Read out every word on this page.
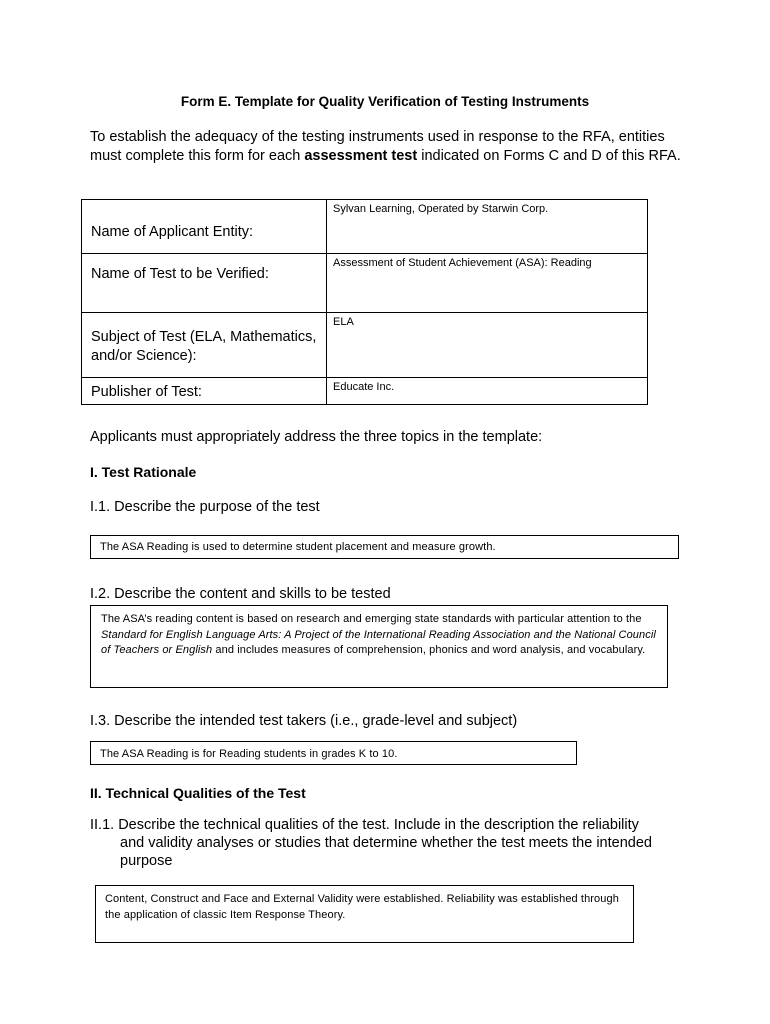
Form E. Template for Quality Verification of Testing Instruments
To establish the adequacy of the testing instruments used in response to the RFA, entities must complete this form for each assessment test indicated on Forms C and D of this RFA.
Name of Applicant Entity:	Sylvan Learning, Operated by Starwin Corp.
Name of Test to be Verified:	Assessment of Student Achievement (ASA): Reading
Subject of Test (ELA, Mathematics, and/or Science):	ELA
Publisher of Test:	Educate Inc.
Applicants must appropriately address the three topics in the template:
I. Test Rationale
I.1. Describe the purpose of the test
The ASA Reading is used to determine student placement and measure growth.
I.2. Describe the content and skills to be tested
The ASA’s reading content is based on research and emerging state standards with particular attention to the Standard for English Language Arts: A Project of the International Reading Association and the National Council of Teachers or English and includes measures of comprehension, phonics and word analysis, and vocabulary.
I.3. Describe the intended test takers (i.e., grade-level and subject)
The ASA Reading is for Reading students in grades K to 10.
II. Technical Qualities of the Test
II.1. Describe the technical qualities of the test. Include in the description the reliability
and validity analyses or studies that determine whether the test meets the intended
purpose
Content, Construct and Face and External Validity were established. Reliability was established through the application of classic Item Response Theory.
